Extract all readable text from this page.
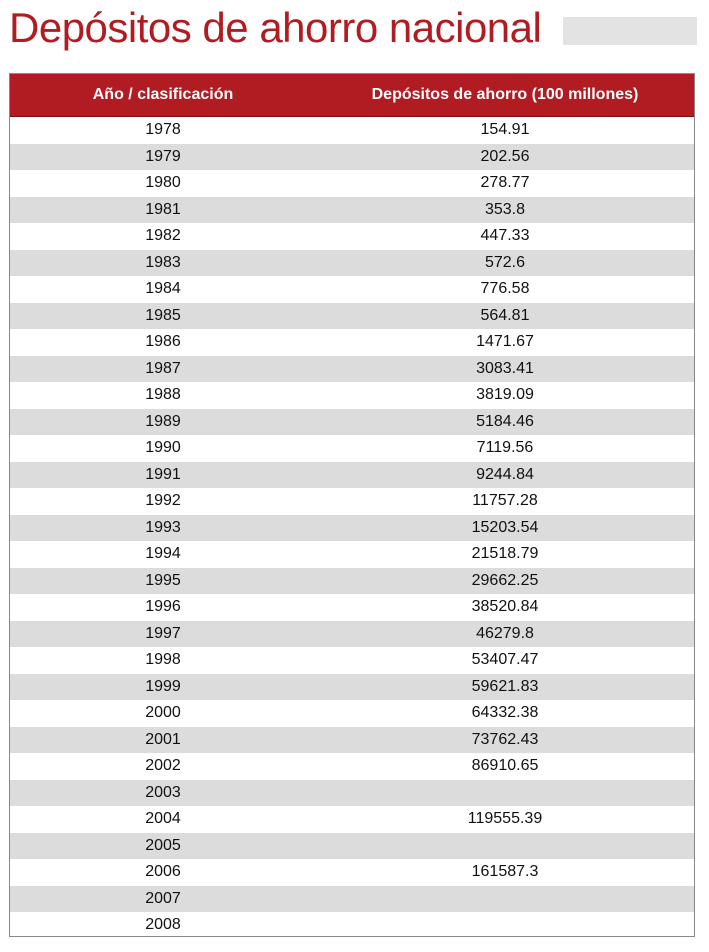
Depósitos de ahorro nacional
Año / clasificación	Depósitos de ahorro (100 millones)
1978	154.91
1979	202.56
1980	278.77
1981	353.8
1982	447.33
1983	572.6
1984	776.58
1985	564.81
1986	1471.67
1987	3083.41
1988	3819.09
1989	5184.46
1990	7119.56
1991	9244.84
1992	11757.28
1993	15203.54
1994	21518.79
1995	29662.25
1996	38520.84
1997	46279.8
1998	53407.47
1999	59621.83
2000	64332.38
2001	73762.43
2002	86910.65
2003
2004	119555.39
2005
2006	161587.3
2007
2008
